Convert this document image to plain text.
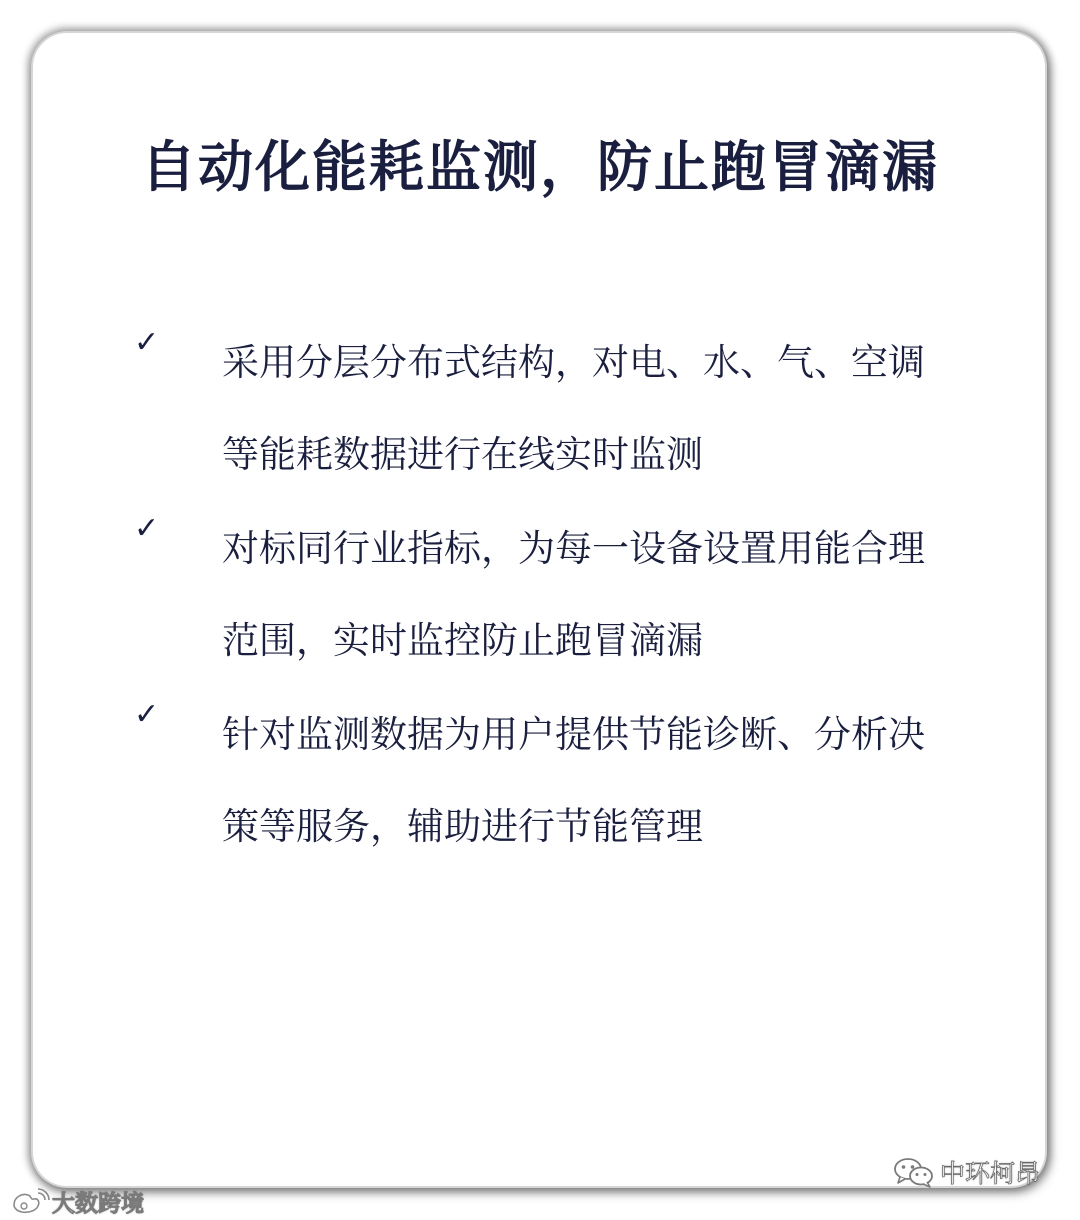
自动化能耗监测，防止跑冒滴漏
✓ 采用分层分布式结构，对电、水、气、空调等能耗数据进行在线实时监测

✓ 对标同行业指标，为每一设备设置用能合理范围，实时监控防止跑冒滴漏

✓ 针对监测数据为用户提供节能诊断、分析决策等服务，辅助进行节能管理

大数跨境
中环柯昂
